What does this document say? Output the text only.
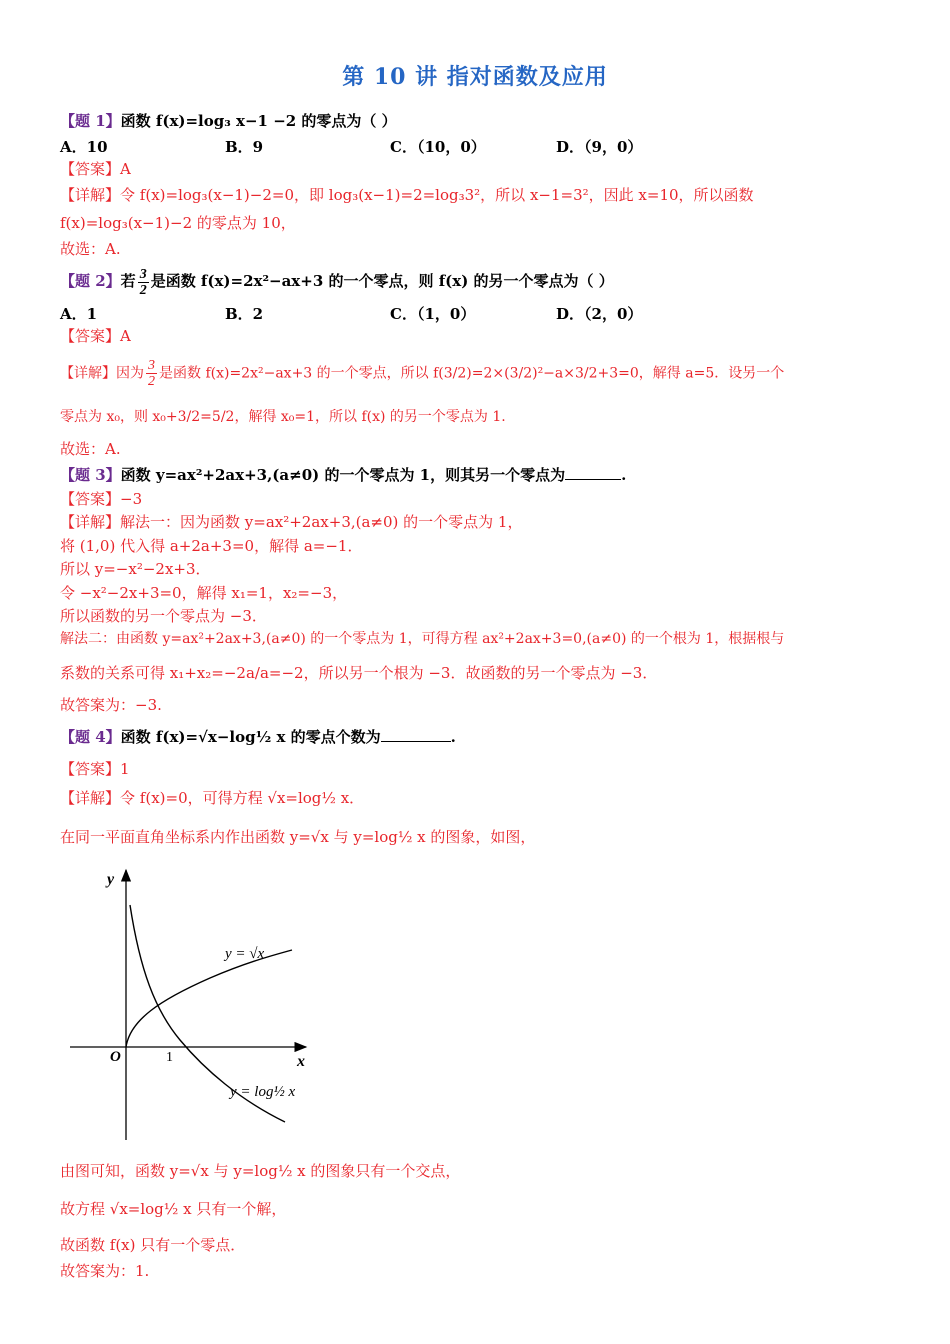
第 10 讲 指对函数及应用
【题 1】函数 f(x)=log₃ x−1 −2 的零点为（ ）
A．10	B．9	C．（10，0）	D．（9，0）
【答案】A
【详解】令 f(x)=log₃(x−1)−2=0，即 log₃(x−1)=2=log₃3²，所以 x−1=3²，因此 x=10，所以函数
f(x)=log₃(x−1)−2 的零点为 10，
故选：A.
【题 2】若 $\frac{3}{2}$ 是函数 f(x)=2x²−ax+3 的一个零点，则 f(x) 的另一个零点为（ ）
A．1	B．2	C．（1，0）	D．（2，0）
【答案】A
【详解】因为 $\frac{3}{2}$ 是函数 f(x)=2x²−ax+3 的一个零点，所以 f(3/2)=2×(3/2)²−a×3/2+3=0，解得 a=5．设另一个
零点为 x₀，则 x₀+3/2=5/2，解得 x₀=1，所以 f(x) 的另一个零点为 1.
故选：A.
【题 3】函数 y=ax²+2ax+3,(a≠0) 的一个零点为 1，则其另一个零点为	.
【答案】−3
【详解】解法一：因为函数 y=ax²+2ax+3,(a≠0) 的一个零点为 1，
将 (1,0) 代入得 a+2a+3=0，解得 a=−1．
所以 y=−x²−2x+3．
令 −x²−2x+3=0，解得 x₁=1，x₂=−3，
所以函数的另一个零点为 −3．
解法二：由函数 y=ax²+2ax+3,(a≠0) 的一个零点为 1，可得方程 ax²+2ax+3=0,(a≠0) 的一个根为 1，根据根与
系数的关系可得 x₁+x₂=−2a/a=−2，所以另一个根为 −3．故函数的另一个零点为 −3．
故答案为：−3.
【题 4】函数 f(x)=√x−log½ x 的零点个数为	.
【答案】1
【详解】令 f(x)=0，可得方程 √x=log½ x．
在同一平面直角坐标系内作出函数 y=√x 与 y=log½ x 的图象，如图，
y
x
O	1
y = √x
y = log½ x
由图可知，函数 y=√x 与 y=log½ x 的图象只有一个交点，
故方程 √x=log½ x 只有一个解，
故函数 f(x) 只有一个零点．
故答案为：1.
